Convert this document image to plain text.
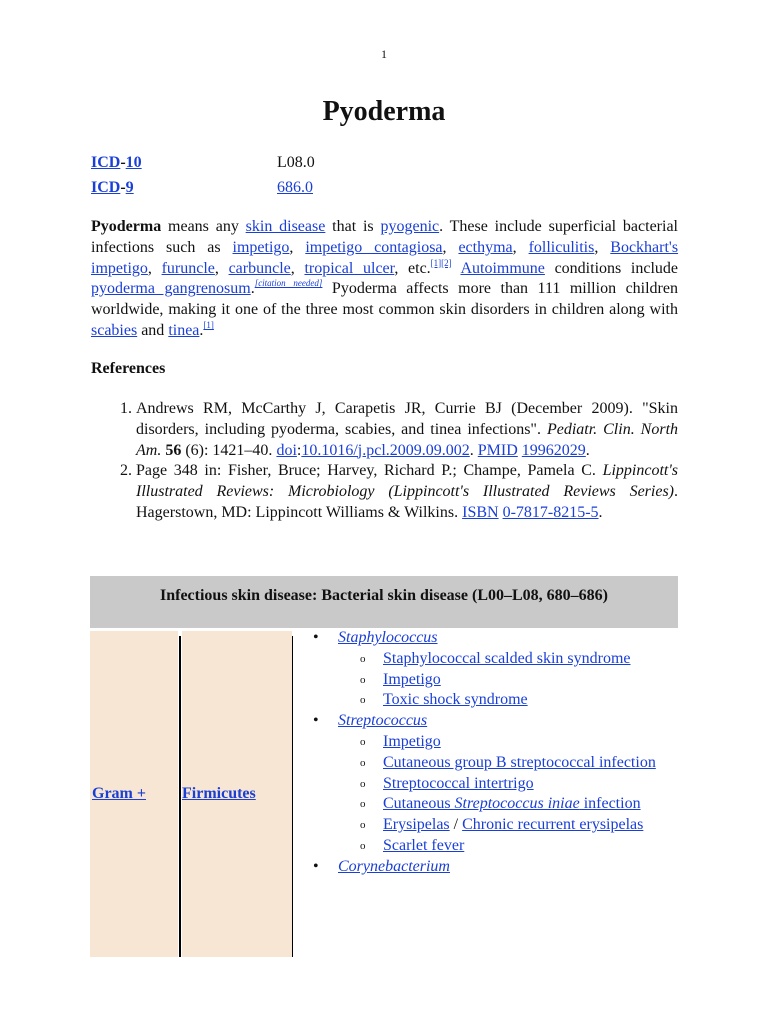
1
Pyoderma
ICD-10	L08.0
ICD-9	686.0

Pyoderma means any skin disease that is pyogenic. These include superficial bacterial infections such as impetigo, impetigo contagiosa, ecthyma, folliculitis, Bockhart's impetigo, furuncle, carbuncle, tropical ulcer, etc.[1][2] Autoimmune conditions include pyoderma gangrenosum.[citation needed] Pyoderma affects more than 111 million children worldwide, making it one of the three most common skin disorders in children along with scabies and tinea.[1]

References
1. Andrews RM, McCarthy J, Carapetis JR, Currie BJ (December 2009). "Skin disorders, including pyoderma, scabies, and tinea infections". Pediatr. Clin. North Am. 56 (6): 1421–40. doi:10.1016/j.pcl.2009.09.002. PMID 19962029.
2. Page 348 in: Fisher, Bruce; Harvey, Richard P.; Champe, Pamela C. Lippincott's Illustrated Reviews: Microbiology (Lippincott's Illustrated Reviews Series). Hagerstown, MD: Lippincott Williams & Wilkins. ISBN 0-7817-8215-5.
Infectious skin disease: Bacterial skin disease (L00–L08, 680–686)
Gram + Firmicutes
• Staphylococcus
o Staphylococcal scalded skin syndrome
o Impetigo
o Toxic shock syndrome
• Streptococcus
o Impetigo
o Cutaneous group B streptococcal infection
o Streptococcal intertrigo
o Cutaneous Streptococcus iniae infection
o Erysipelas / Chronic recurrent erysipelas
o Scarlet fever
• Corynebacterium
